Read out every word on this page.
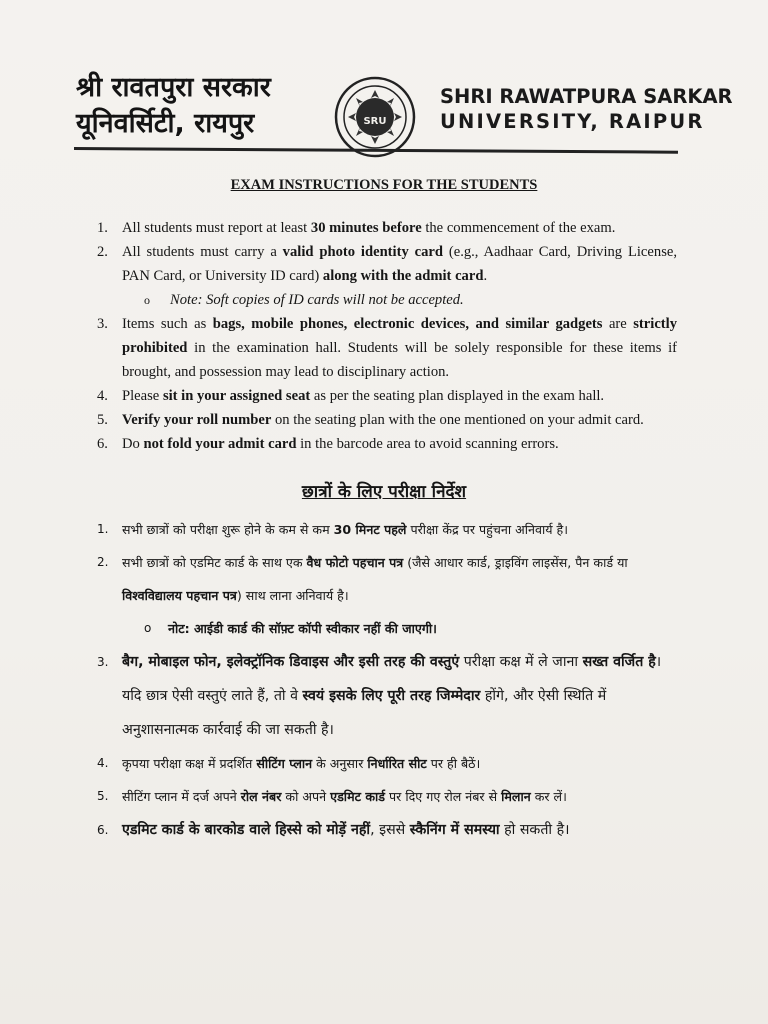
श्री रावतपुरा सरकार
यूनिवर्सिटी, रायपुर	SRU
SHRI RAWATPURA SARKAR
UNIVERSITY, RAIPUR
EXAM INSTRUCTIONS FOR THE STUDENTS
1. All students must report at least 30 minutes before the commencement of the exam.
2. All students must carry a valid photo identity card (e.g., Aadhaar Card, Driving License, PAN Card, or University ID card) along with the admit card.
o Note: Soft copies of ID cards will not be accepted.
3. Items such as bags, mobile phones, electronic devices, and similar gadgets are strictly prohibited in the examination hall. Students will be solely responsible for these items if brought, and possession may lead to disciplinary action.
4. Please sit in your assigned seat as per the seating plan displayed in the exam hall.
5. Verify your roll number on the seating plan with the one mentioned on your admit card.
6. Do not fold your admit card in the barcode area to avoid scanning errors.
छात्रों के लिए परीक्षा निर्देश
1. सभी छात्रों को परीक्षा शुरू होने के कम से कम 30 मिनट पहले परीक्षा केंद्र पर पहुंचना अनिवार्य है।
2. सभी छात्रों को एडमिट कार्ड के साथ एक वैध फोटो पहचान पत्र (जैसे आधार कार्ड, ड्राइविंग लाइसेंस, पैन कार्ड या विश्वविद्यालय पहचान पत्र) साथ लाना अनिवार्य है।
o नोट: आईडी कार्ड की सॉफ़्ट कॉपी स्वीकार नहीं की जाएगी।
3. बैग, मोबाइल फोन, इलेक्ट्रॉनिक डिवाइस और इसी तरह की वस्तुएं परीक्षा कक्ष में ले जाना सख्त वर्जित है। यदि छात्र ऐसी वस्तुएं लाते हैं, तो वे स्वयं इसके लिए पूरी तरह जिम्मेदार होंगे, और ऐसी स्थिति में अनुशासनात्मक कार्रवाई की जा सकती है।
4. कृपया परीक्षा कक्ष में प्रदर्शित सीटिंग प्लान के अनुसार निर्धारित सीट पर ही बैठें।
5. सीटिंग प्लान में दर्ज अपने रोल नंबर को अपने एडमिट कार्ड पर दिए गए रोल नंबर से मिलान कर लें।
6. एडमिट कार्ड के बारकोड वाले हिस्से को मोड़ें नहीं, इससे स्कैनिंग में समस्या हो सकती है।
